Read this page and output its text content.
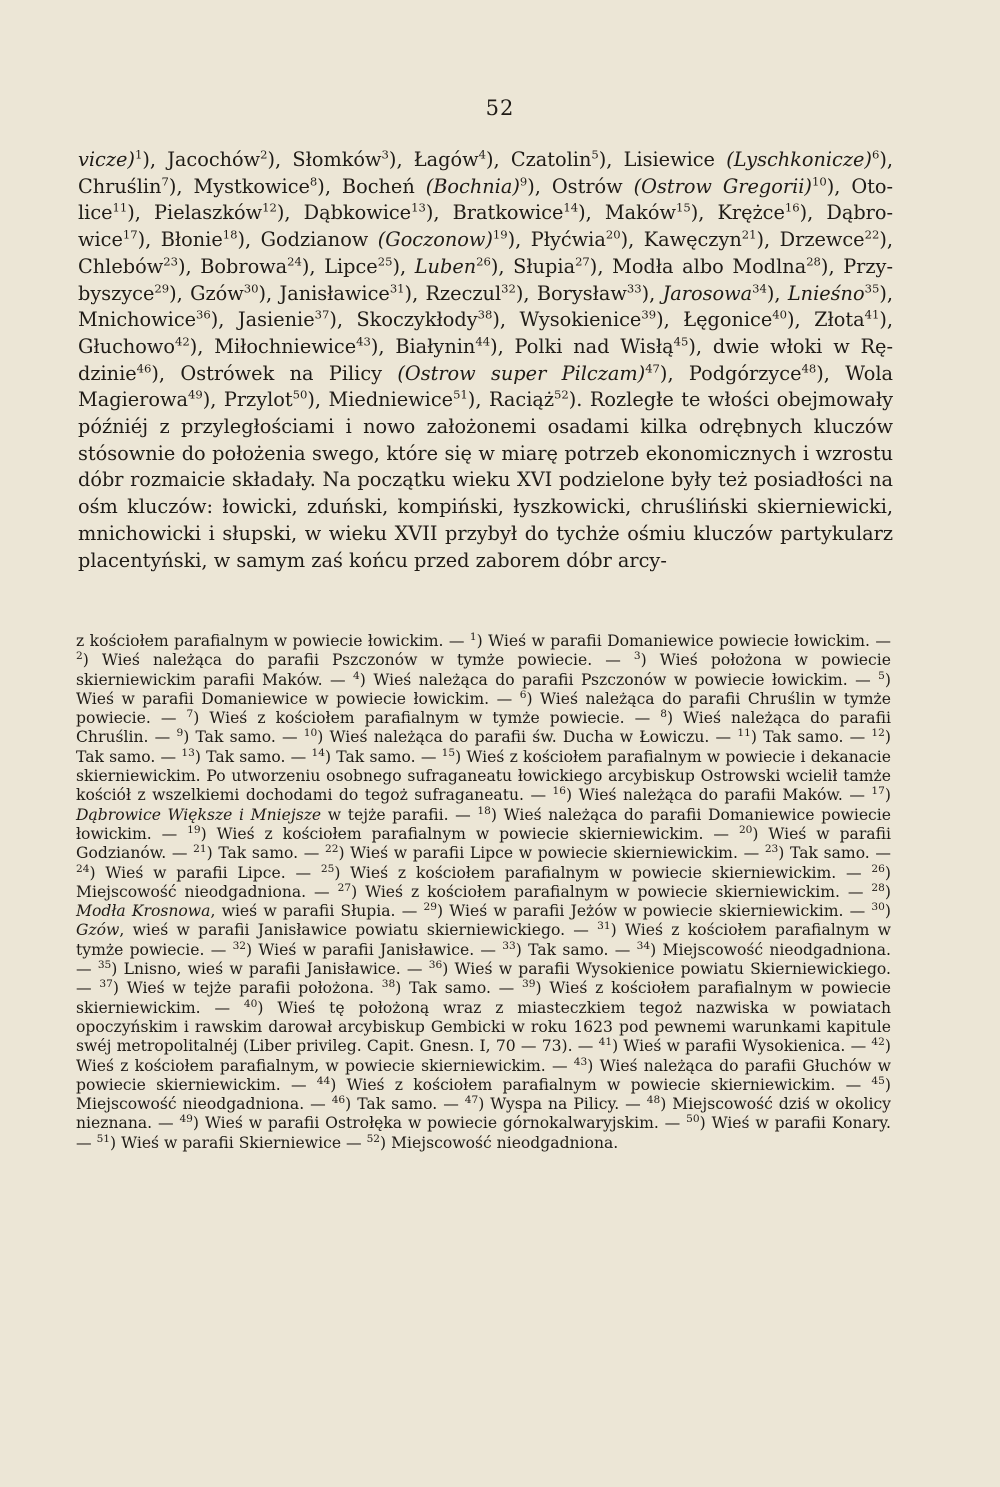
52
vicze)$^1$), Jacochów$^2$), Słomków$^3$), Łagów$^4$), Czatolin$^5$), Lisiewice (Lyschkonicze)$^6$), Chruślin$^7$), Mystkowice$^8$), Bocheń (Bochnia)$^9$), Ostrów (Ostrow Gregorii)$^{10}$), Otolice$^{11}$), Pielaszków$^{12}$), Dąbkowice$^{13}$), Bratkowice$^{14}$), Maków$^{15}$), Krężce$^{16}$), Dąbrowice$^{17}$), Błonie$^{18}$), Godzianow (Goczonow)$^{19}$), Płyćwia$^{20}$), Kawęczyn$^{21}$), Drzewce$^{22}$), Chlebów$^{23}$), Bobrowa$^{24}$), Lipce$^{25}$), Luben$^{26}$), Słupia$^{27}$), Modła albo Modlna$^{28}$), Przybyszyce$^{29}$), Gzów$^{30}$), Janisławice$^{31}$), Rzeczul$^{32}$), Borysław$^{33}$), Jarosowa$^{34}$), Lnieśno$^{35}$), Mnichowice$^{36}$), Jasienie$^{37}$), Skoczykłody$^{38}$), Wysokienice$^{39}$), Łęgonice$^{40}$), Złota$^{41}$), Głuchowo$^{42}$), Miłochniewice$^{43}$), Białynin$^{44}$), Polki nad Wisłą$^{45}$), dwie włoki w Rędzinie$^{46}$), Ostrówek na Pilicy (Ostrow super Pilczam)$^{47}$), Podgórzyce$^{48}$), Wola Magierowa$^{49}$), Przylot$^{50}$), Miedniewice$^{51}$), Raciąż$^{52}$). Rozległe te włości obejmowały późniéj z przyległościami i nowo założonemi osadami kilka odrębnych kluczów stósownie do położenia swego, które się w miarę potrzeb ekonomicznych i wzrostu dóbr rozmaicie składały. Na początku wieku XVI podzielone były też posiadłości na ośm kluczów: łowicki, zduński, kompiński, łyszkowicki, chruśliński skierniewicki, mnichowicki i słupski, w wieku XVII przybył do tychże ośmiu kluczów partykularz placentyński, w samym zaś końcu przed zaborem dóbr arcy-
z kościołem parafialnym w powiecie łowickim. — $^1$) Wieś w parafii Domaniewice powiecie łowickim. — $^2$) Wieś należąca do parafii Pszczonów w tymże powiecie. — $^3$) Wieś położona w powiecie skierniewickim parafii Maków. — $^4$) Wieś należąca do parafii Pszczonów w powiecie łowickim. — $^5$) Wieś w parafii Domaniewice w powiecie łowickim. — $^6$) Wieś należąca do parafii Chruślin w tymże powiecie. — $^7$) Wieś z kościołem parafialnym w tymże powiecie. — $^8$) Wieś należąca do parafii Chruślin. — $^9$) Tak samo. — $^{10}$) Wieś należąca do parafii św. Ducha w Łowiczu. — $^{11}$) Tak samo. — $^{12}$) Tak samo. — $^{13}$) Tak samo. — $^{14}$) Tak samo. — $^{15}$) Wieś z kościołem parafialnym w powiecie i dekanacie skierniewickim. Po utworzeniu osobnego sufraganeatu łowickiego arcybiskup Ostrowski wcielił tamże kościół z wszelkiemi dochodami do tegoż sufraganeatu. — $^{16}$) Wieś należąca do parafii Maków. — $^{17}$) Dąbrowice Większe i Mniejsze w tejże parafii. — $^{18}$) Wieś należąca do parafii Domaniewice powiecie łowickim. — $^{19}$) Wieś z kościołem parafialnym w powiecie skierniewickim. — $^{20}$) Wieś w parafii Godzianów. — $^{21}$) Tak samo. — $^{22}$) Wieś w parafii Lipce w powiecie skierniewickim. — $^{23}$) Tak samo. — $^{24}$) Wieś w parafii Lipce. — $^{25}$) Wieś z kościołem parafialnym w powiecie skierniewickim. — $^{26}$) Miejscowość nieodgadniona. — $^{27}$) Wieś z kościołem parafialnym w powiecie skierniewickim. — $^{28}$) Modła Krosnowa, wieś w parafii Słupia. — $^{29}$) Wieś w parafii Jeżów w powiecie skierniewickim. — $^{30}$) Gzów, wieś w parafii Janisławice powiatu skierniewickiego. — $^{31}$) Wieś z kościołem parafialnym w tymże powiecie. — $^{32}$) Wieś w parafii Janisławice. — $^{33}$) Tak samo. — $^{34}$) Miejscowość nieodgadniona. — $^{35}$) Lnisno, wieś w parafii Janisławice. — $^{36}$) Wieś w parafii Wysokienice powiatu Skierniewickiego. — $^{37}$) Wieś w tejże parafii położona. $^{38}$) Tak samo. — $^{39}$) Wieś z kościołem parafialnym w powiecie skierniewickim. — $^{40}$) Wieś tę położoną wraz z miasteczkiem tegoż nazwiska w powiatach opoczyńskim i rawskim darował arcybiskup Gembicki w roku 1623 pod pewnemi warunkami kapitule swéj metropolitalnéj (Liber privileg. Capit. Gnesn. I, 70 — 73). — $^{41}$) Wieś w parafii Wysokienica. — $^{42}$) Wieś z kościołem parafialnym, w powiecie skierniewickim. — $^{43}$) Wieś należąca do parafii Głuchów w powiecie skierniewickim. — $^{44}$) Wieś z kościołem parafialnym w powiecie skierniewickim. — $^{45}$) Miejscowość nieodgadniona. — $^{46}$) Tak samo. — $^{47}$) Wyspa na Pilicy. — $^{48}$) Miejscowość dziś w okolicy nieznana. — $^{49}$) Wieś w parafii Ostrołęka w powiecie górnokalwaryjskim. — $^{50}$) Wieś w parafii Konary. — $^{51}$) Wieś w parafii Skierniewice — $^{52}$) Miejscowość nieodgadniona.
